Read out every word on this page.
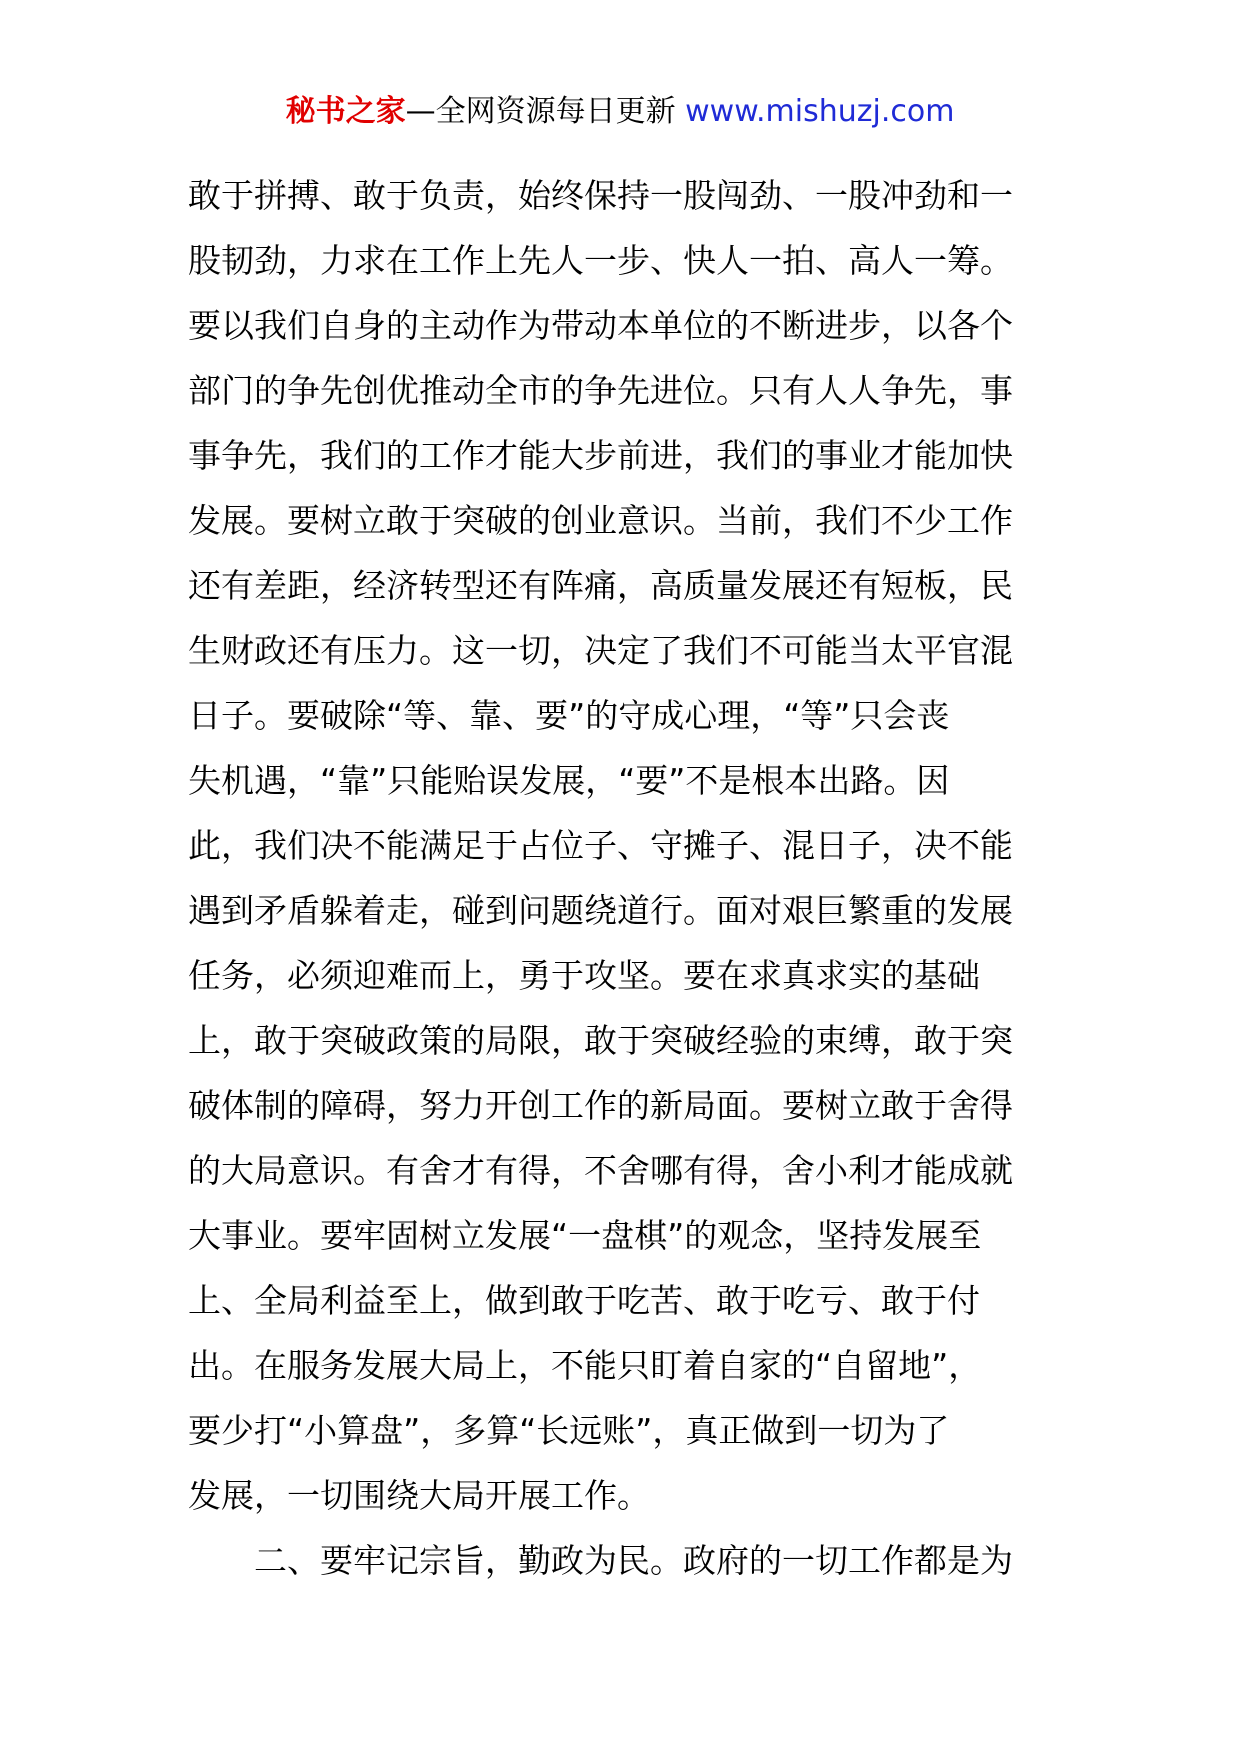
秘书之家—全网资源每日更新 www.mishuzj.com
敢于拼搏、敢于负责，始终保持一股闯劲、一股冲劲和一
股韧劲，力求在工作上先人一步、快人一拍、高人一筹。
要以我们自身的主动作为带动本单位的不断进步，以各个
部门的争先创优推动全市的争先进位。只有人人争先，事
事争先，我们的工作才能大步前进，我们的事业才能加快
发展。要树立敢于突破的创业意识。当前，我们不少工作
还有差距，经济转型还有阵痛，高质量发展还有短板，民
生财政还有压力。这一切，决定了我们不可能当太平官混
日子。要破除“等、靠、要”的守成心理，“等”只会丧
失机遇，“靠”只能贻误发展，“要”不是根本出路。因
此，我们决不能满足于占位子、守摊子、混日子，决不能
遇到矛盾躲着走，碰到问题绕道行。面对艰巨繁重的发展
任务，必须迎难而上，勇于攻坚。要在求真求实的基础
上，敢于突破政策的局限，敢于突破经验的束缚，敢于突
破体制的障碍，努力开创工作的新局面。要树立敢于舍得
的大局意识。有舍才有得，不舍哪有得，舍小利才能成就
大事业。要牢固树立发展“一盘棋”的观念，坚持发展至
上、全局利益至上，做到敢于吃苦、敢于吃亏、敢于付
出。在服务发展大局上，不能只盯着自家的“自留地”，
要少打“小算盘”，多算“长远账”，真正做到一切为了
发展，一切围绕大局开展工作。
二、要牢记宗旨，勤政为民。政府的一切工作都是为
